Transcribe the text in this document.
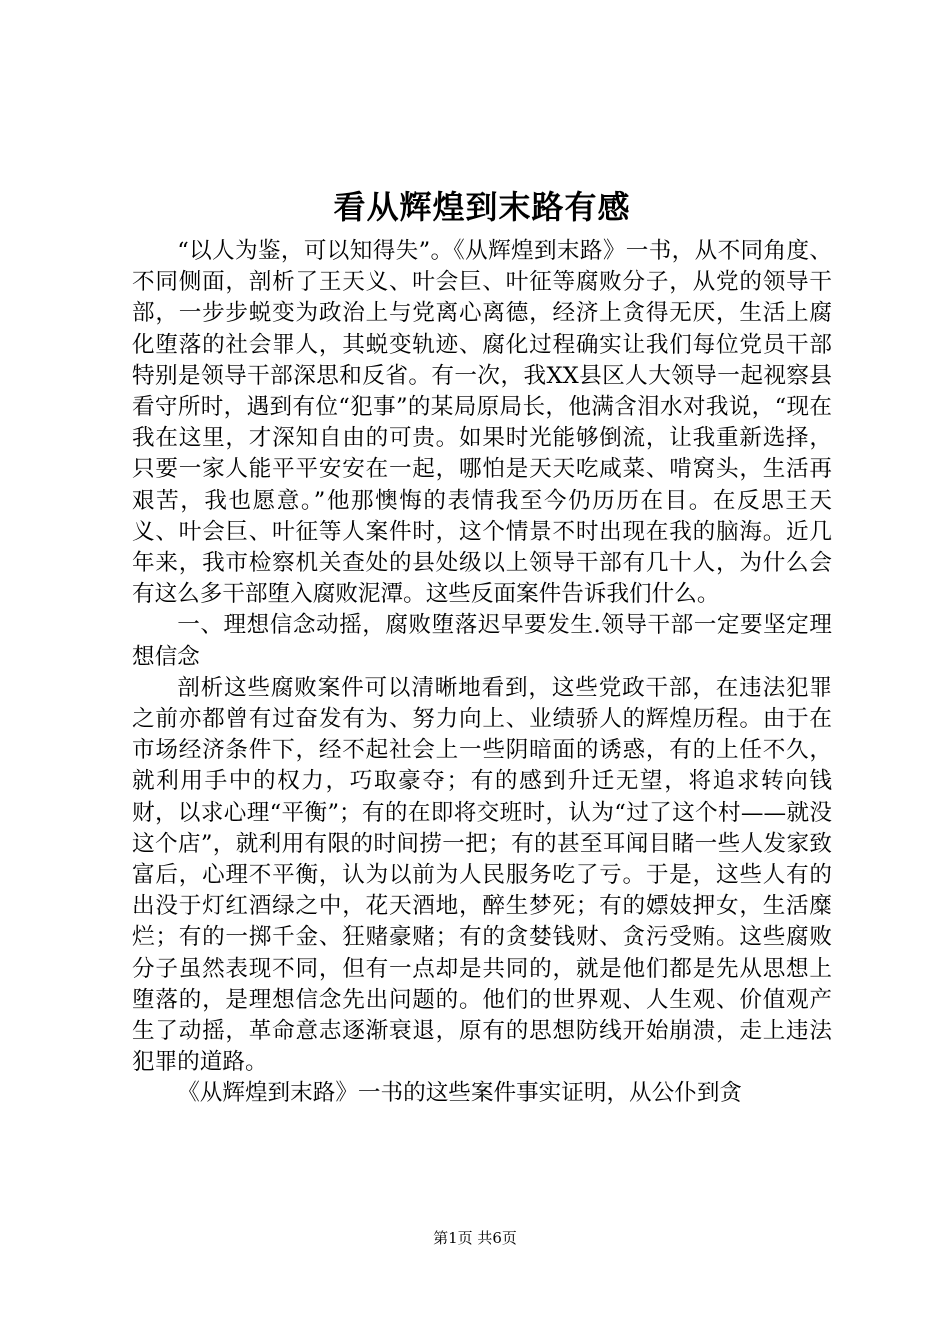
看从辉煌到末路有感

“以人为鉴，可以知得失”。《从辉煌到末路》一书，从不同角度、不同侧面，剖析了王天义、叶会巨、叶征等腐败分子，从党的领导干部，一步步蜕变为政治上与党离心离德，经济上贪得无厌，生活上腐化堕落的社会罪人，其蜕变轨迹、腐化过程确实让我们每位党员干部特别是领导干部深思和反省。有一次，我XX县区人大领导一起视察县看守所时，遇到有位“犯事”的某局原局长，他满含泪水对我说，“现在我在这里，才深知自由的可贵。如果时光能够倒流，让我重新选择，只要一家人能平平安安在一起，哪怕是天天吃咸菜、啃窝头，生活再艰苦，我也愿意。”他那懊悔的表情我至今仍历历在目。在反思王天义、叶会巨、叶征等人案件时，这个情景不时出现在我的脑海。近几年来，我市检察机关查处的县处级以上领导干部有几十人，为什么会有这么多干部堕入腐败泥潭。这些反面案件告诉我们什么。

一、理想信念动摇，腐败堕落迟早要发生.领导干部一定要坚定理想信念

剖析这些腐败案件可以清晰地看到，这些党政干部，在违法犯罪之前亦都曾有过奋发有为、努力向上、业绩骄人的辉煌历程。由于在市场经济条件下，经不起社会上一些阴暗面的诱惑，有的上任不久，就利用手中的权力，巧取豪夺；有的感到升迁无望，将追求转向钱财，以求心理“平衡”；有的在即将交班时，认为“过了这个村——就没这个店”，就利用有限的时间捞一把；有的甚至耳闻目睹一些人发家致富后，心理不平衡，认为以前为人民服务吃了亏。于是，这些人有的出没于灯红酒绿之中，花天酒地，醉生梦死；有的嫖妓押女，生活糜烂；有的一掷千金、狂赌豪赌；有的贪婪钱财、贪污受贿。这些腐败分子虽然表现不同，但有一点却是共同的，就是他们都是先从思想上堕落的，是理想信念先出问题的。他们的世界观、人生观、价值观产生了动摇，革命意志逐渐衰退，原有的思想防线开始崩溃，走上违法犯罪的道路。

《从辉煌到末路》一书的这些案件事实证明，从公仆到贪

第1页 共6页
